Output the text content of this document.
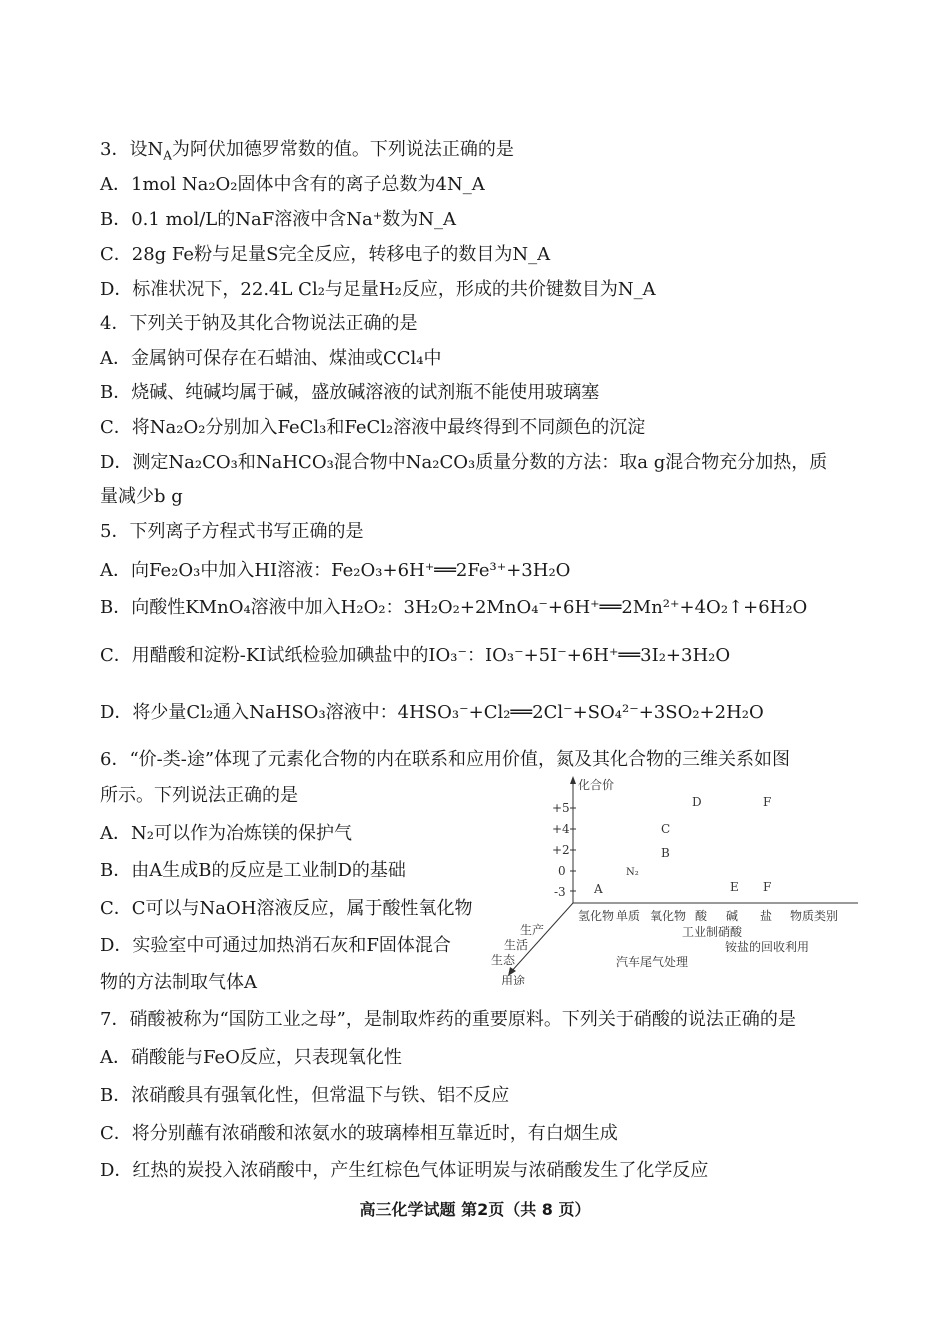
3．设$N_A$为阿伏加德罗常数的值。下列说法正确的是
A．1mol Na₂O₂固体中含有的离子总数为4N_A
B．0.1 mol/L的NaF溶液中含Na⁺数为N_A
C．28g Fe粉与足量S完全反应，转移电子的数目为N_A
D．标准状况下，22.4L Cl₂与足量H₂反应，形成的共价键数目为N_A
4．下列关于钠及其化合物说法正确的是
A．金属钠可保存在石蜡油、煤油或CCl₄中
B．烧碱、纯碱均属于碱，盛放碱溶液的试剂瓶不能使用玻璃塞
C．将Na₂O₂分别加入FeCl₃和FeCl₂溶液中最终得到不同颜色的沉淀
D．测定Na₂CO₃和NaHCO₃混合物中Na₂CO₃质量分数的方法：取a g混合物充分加热，质
量减少b g
5．下列离子方程式书写正确的是
A．向Fe₂O₃中加入HI溶液：Fe₂O₃+6H⁺══2Fe³⁺+3H₂O
B．向酸性KMnO₄溶液中加入H₂O₂：3H₂O₂+2MnO₄⁻+6H⁺══2Mn²⁺+4O₂↑+6H₂O
C．用醋酸和淀粉-KI试纸检验加碘盐中的IO₃⁻：IO₃⁻+5I⁻+6H⁺══3I₂+3H₂O
D．将少量Cl₂通入NaHSO₃溶液中：4HSO₃⁻+Cl₂══2Cl⁻+SO₄²⁻+3SO₂+2H₂O
6．“价-类-途”体现了元素化合物的内在联系和应用价值，氮及其化合物的三维关系如图
所示。下列说法正确的是
A．N₂可以作为冶炼镁的保护气
B．由A生成B的反应是工业制D的基础
C．C可以与NaOH溶液反应，属于酸性氧化物
D．实验室中可通过加热消石灰和F固体混合
物的方法制取气体A
化合价
+5
+4
+2
0
-3
氢化物 单质 氧化物 酸 碱 盐 物质类别
生产
生活
生态
用途
A
N₂
B
C
D
E
F
F
工业制硝酸
铵盐的回收利用
汽车尾气处理
7．硝酸被称为“国防工业之母”，是制取炸药的重要原料。下列关于硝酸的说法正确的是
A．硝酸能与FeO反应，只表现氧化性
B．浓硝酸具有强氧化性，但常温下与铁、铝不反应
C．将分别蘸有浓硝酸和浓氨水的玻璃棒相互靠近时，有白烟生成
D．红热的炭投入浓硝酸中，产生红棕色气体证明炭与浓硝酸发生了化学反应
高三化学试题 第2页（共 8 页）
